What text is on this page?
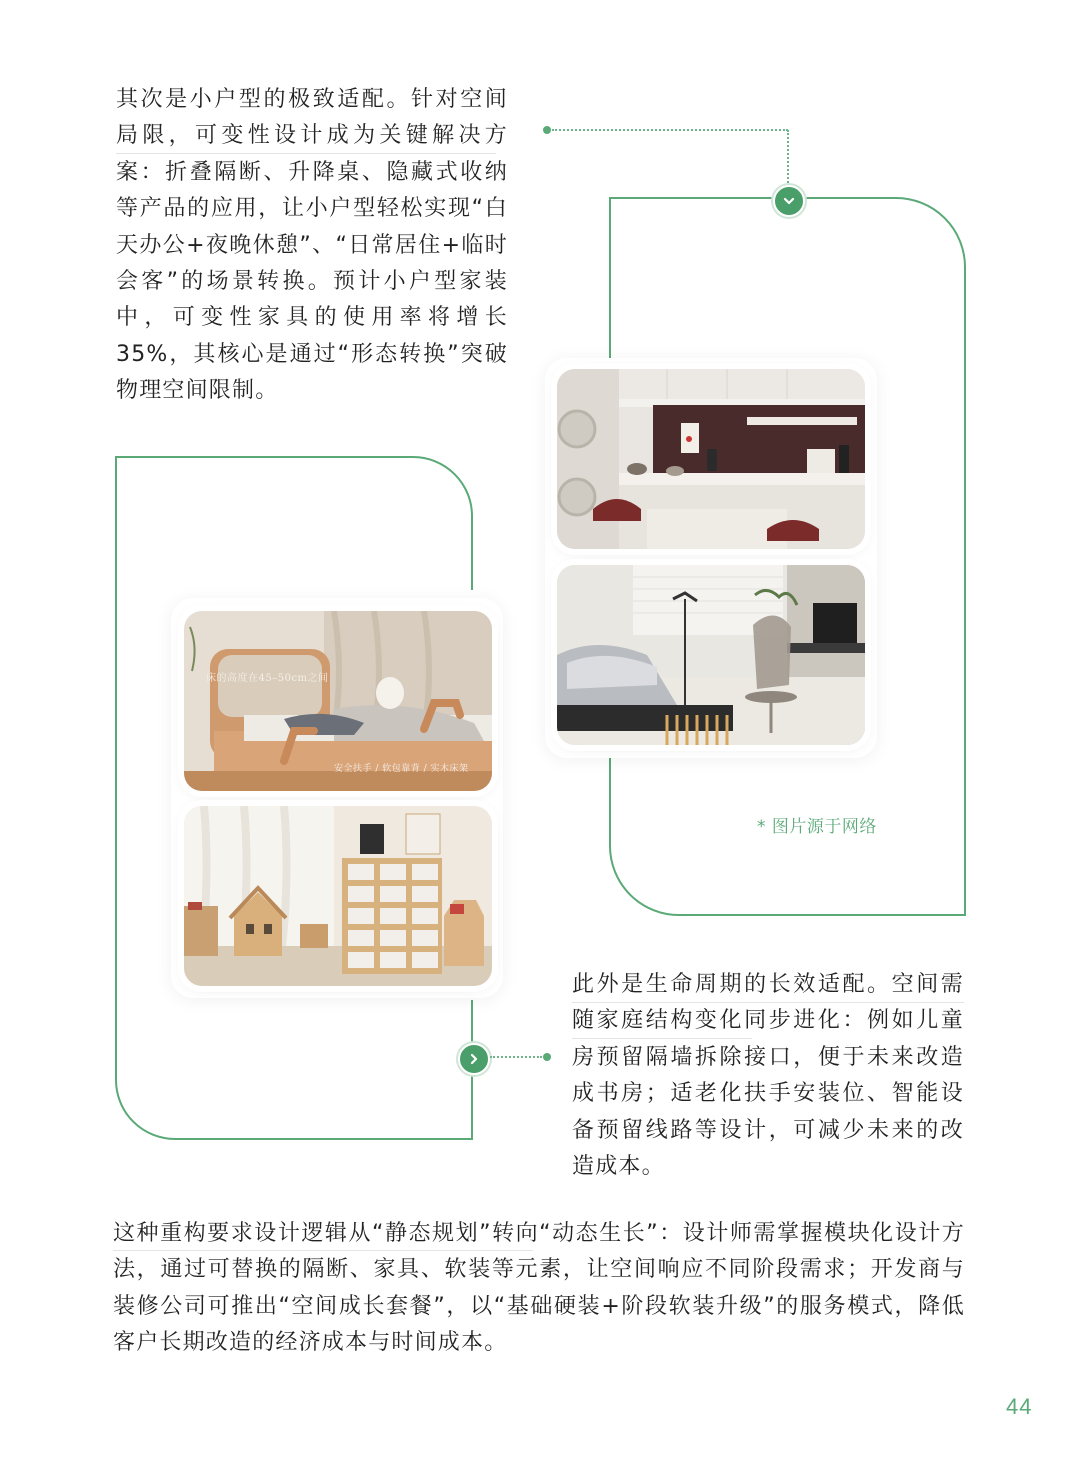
其次是小户型的极致适配。针对空间局限，可变性设计成为关键解决方案：折叠隔断、升降桌、隐藏式收纳等产品的应用，让小户型轻松实现“白天办公+夜晚休憩”、“日常居住+临时会客”的场景转换。预计小户型家装中，可变性家具的使用率将增长35%，其核心是通过“形态转换”突破物理空间限制。

* 图片源于网络
床的高度在45–50cm之间
安全扶手 / 软包靠背 / 实木床架

此外是生命周期的长效适配。空间需随家庭结构变化同步进化：例如儿童房预留隔墙拆除接口，便于未来改造成书房；适老化扶手安装位、智能设备预留线路等设计，可减少未来的改造成本。

这种重构要求设计逻辑从“静态规划”转向“动态生长”：设计师需掌握模块化设计方法，通过可替换的隔断、家具、软装等元素，让空间响应不同阶段需求；开发商与装修公司可推出“空间成长套餐”，以“基础硬装+阶段软装升级”的服务模式，降低客户长期改造的经济成本与时间成本。

44
